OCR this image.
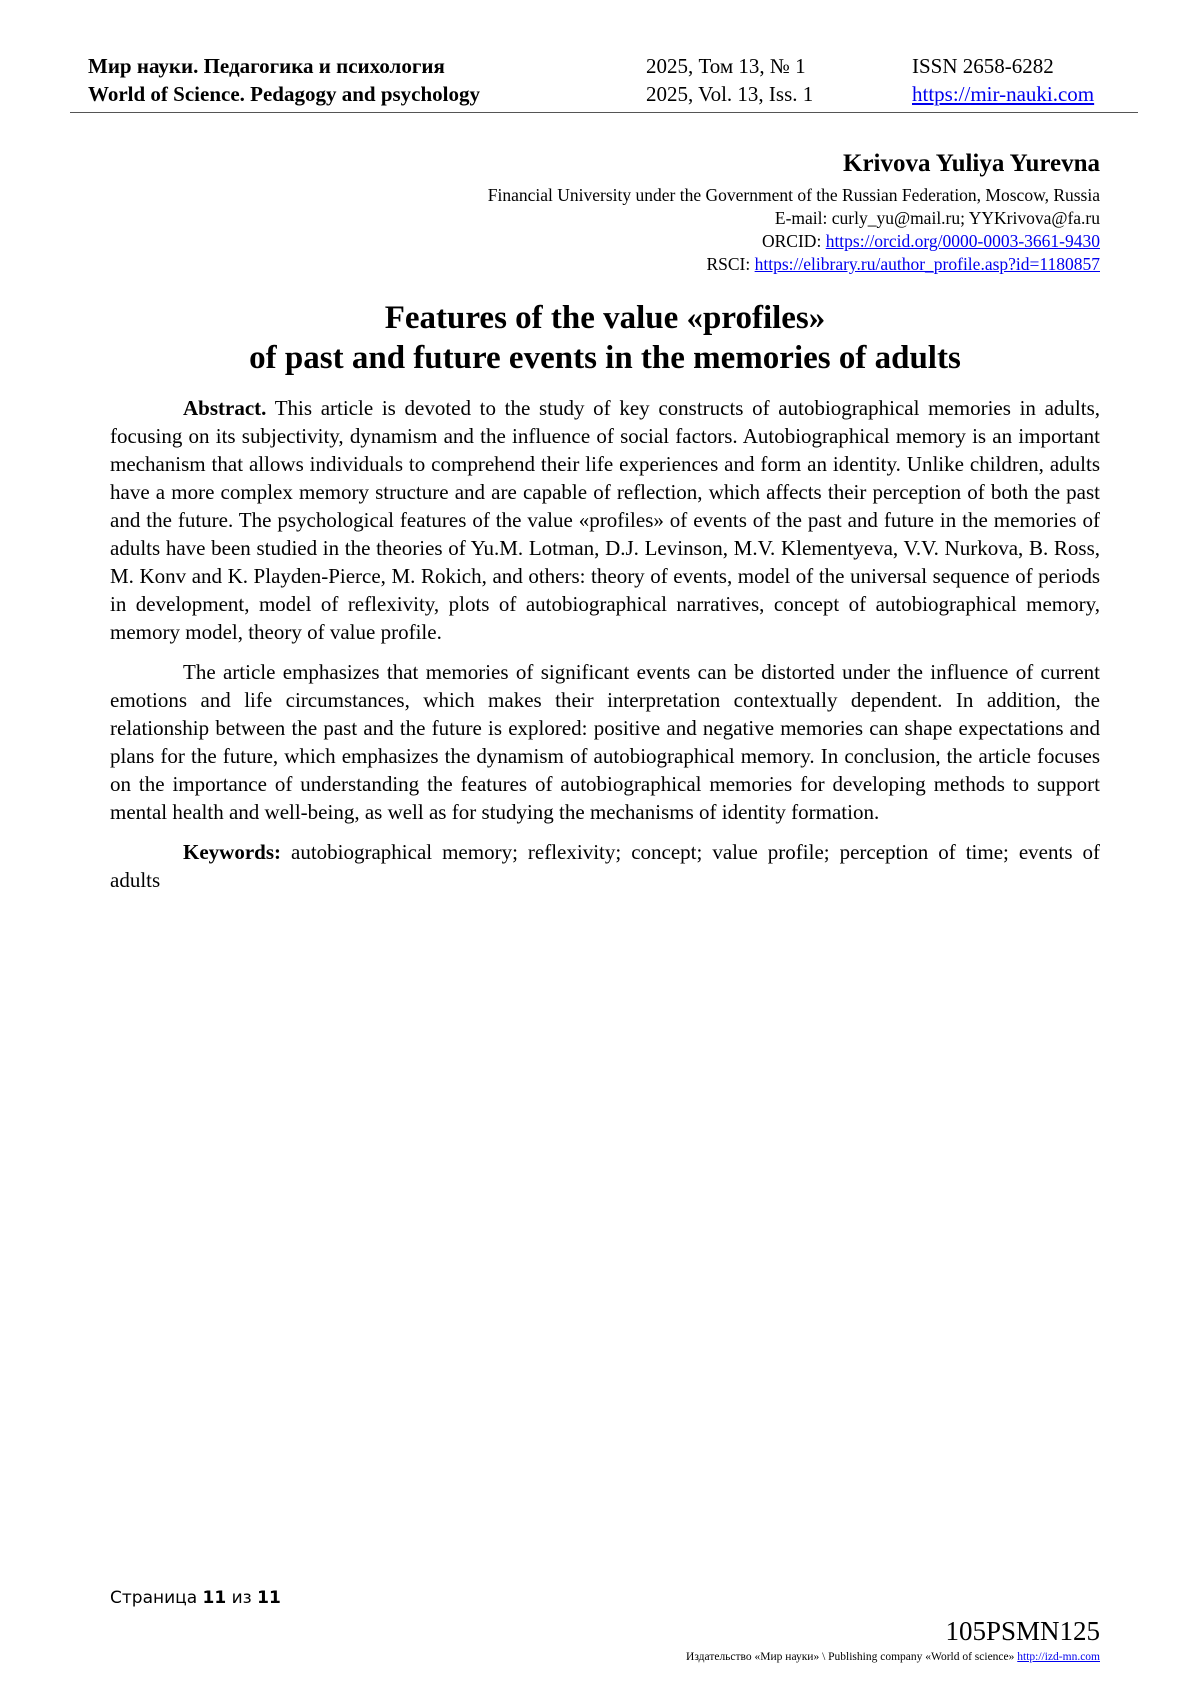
Мир науки. Педагогика и психология
World of Science. Pedagogy and psychology
2025, Том 13, № 1
2025, Vol. 13, Iss. 1
ISSN 2658-6282
https://mir-nauki.com
Krivova Yuliya Yurevna
Financial University under the Government of the Russian Federation, Moscow, Russia
E-mail: curly_yu@mail.ru; YYKrivova@fa.ru
ORCID: https://orcid.org/0000-0003-3661-9430
RSCI: https://elibrary.ru/author_profile.asp?id=1180857
Features of the value «profiles»
of past and future events in the memories of adults

Abstract. This article is devoted to the study of key constructs of autobiographical memories in adults, focusing on its subjectivity, dynamism and the influence of social factors. Autobiographical memory is an important mechanism that allows individuals to comprehend their life experiences and form an identity. Unlike children, adults have a more complex memory structure and are capable of reflection, which affects their perception of both the past and the future. The psychological features of the value «profiles» of events of the past and future in the memories of adults have been studied in the theories of Yu.M. Lotman, D.J. Levinson, M.V. Klementyeva, V.V. Nurkova, B. Ross, M. Konv and K. Playden-Pierce, M. Rokich, and others: theory of events, model of the universal sequence of periods in development, model of reflexivity, plots of autobiographical narratives, concept of autobiographical memory, memory model, theory of value profile.

The article emphasizes that memories of significant events can be distorted under the influence of current emotions and life circumstances, which makes their interpretation contextually dependent. In addition, the relationship between the past and the future is explored: positive and negative memories can shape expectations and plans for the future, which emphasizes the dynamism of autobiographical memory. In conclusion, the article focuses on the importance of understanding the features of autobiographical memories for developing methods to support mental health and well-being, as well as for studying the mechanisms of identity formation.

Keywords: autobiographical memory; reflexivity; concept; value profile; perception of time; events of adults

Страница 11 из 11
105PSMN125
Издательство «Мир науки» \ Publishing company «World of science» http://izd-mn.com
